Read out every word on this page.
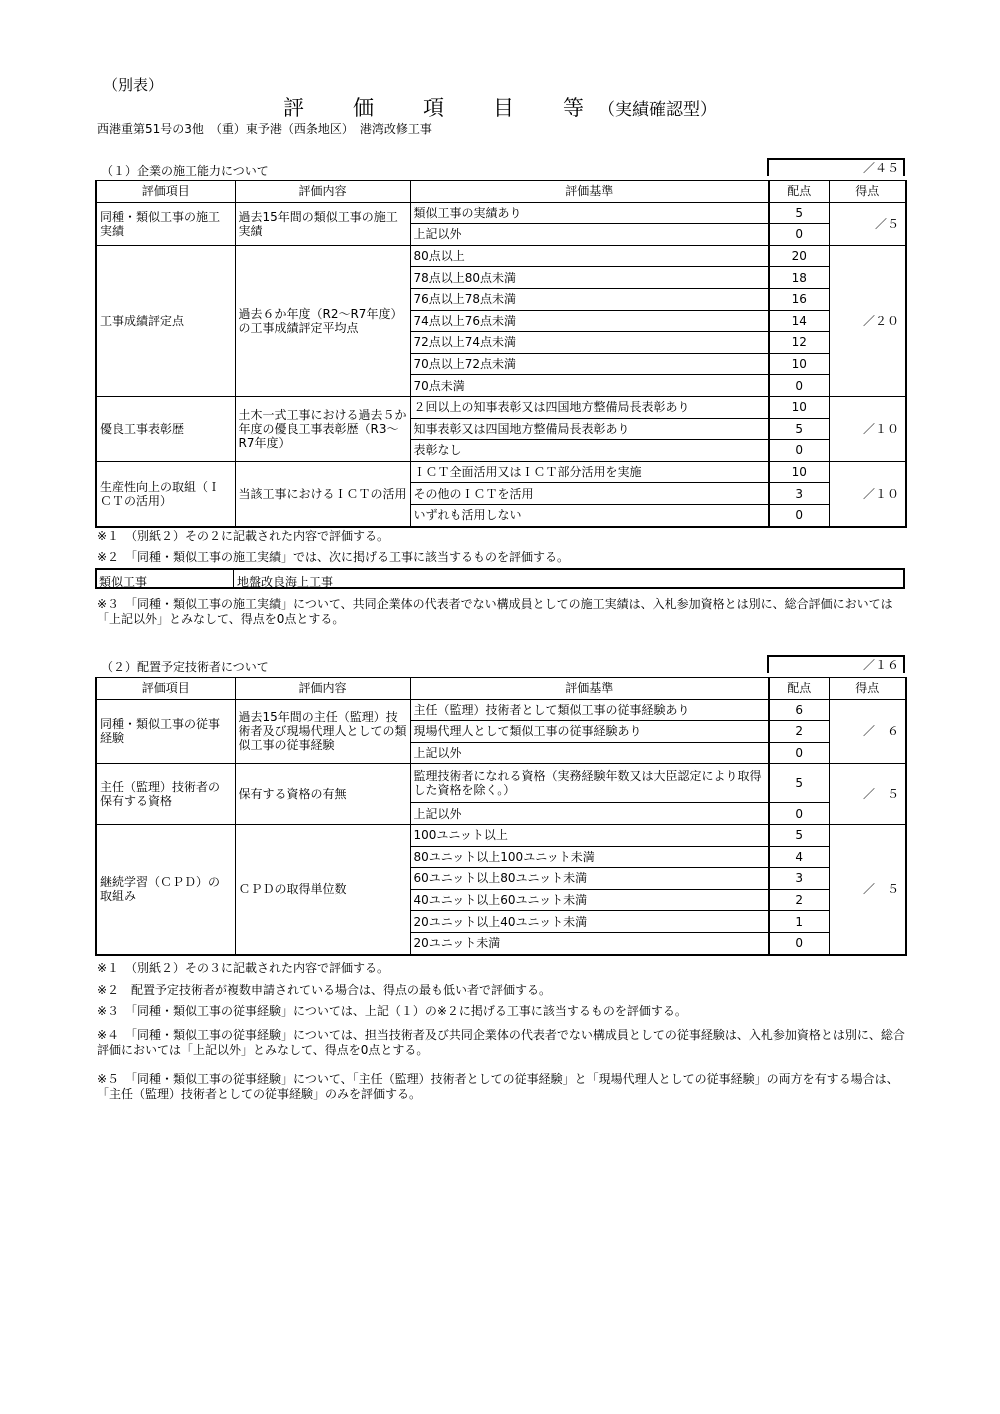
（別表）
評　価　項　目　等（実績確認型）
西港重第51号の3他　（重）東予港（西条地区）　港湾改修工事
（１）企業の施工能力について	／４５
評価項目	評価内容	評価基準	配点	得点
同種・類似工事の施工実績	過去15年間の類似工事の施工実績	類似工事の実績あり	5	／５
		上記以外	0	
工事成績評定点	過去６か年度（R2～R7年度）の工事成績評定平均点	80点以上	20	／２０
		78点以上80点未満	18	
		76点以上78点未満	16	
		74点以上76点未満	14	
		72点以上74点未満	12	
		70点以上72点未満	10	
		70点未満	0	
優良工事表彰歴	土木一式工事における過去５か年度の優良工事表彰歴（R3～R7年度）	２回以上の知事表彰又は四国地方整備局長表彰あり	10	／１０
		知事表彰又は四国地方整備局長表彰あり	5	
		表彰なし	0	
生産性向上の取組（ＩＣＴの活用）	当該工事におけるＩＣＴの活用	ＩＣＴ全面活用又はＩＣＴ部分活用を実施	10	／１０
		その他のＩＣＴを活用	3	
		いずれも活用しない	0	
※１　（別紙２）その２に記載された内容で評価する。
※２　「同種・類似工事の施工実績」では、次に掲げる工事に該当するものを評価する。
類似工事	地盤改良海上工事
※３　「同種・類似工事の施工実績」について、共同企業体の代表者でない構成員としての施工実績は、入札参加資格とは別に、総合評価においては「上記以外」とみなして、得点を0点とする。
（２）配置予定技術者について	／１６
評価項目	評価内容	評価基準	配点	得点
同種・類似工事の従事経験	過去15年間の主任（監理）技術者及び現場代理人としての類似工事の従事経験	主任（監理）技術者として類似工事の従事経験あり	6	／　６
		現場代理人として類似工事の従事経験あり	2	
		上記以外	0	
主任（監理）技術者の保有する資格	保有する資格の有無	監理技術者になれる資格（実務経験年数又は大臣認定により取得した資格を除く。）	5	／　５
		上記以外	0	
継続学習（ＣＰＤ）の取組み	ＣＰＤの取得単位数	100ユニット以上	5	／　５
		80ユニット以上100ユニット未満	4	
		60ユニット以上80ユニット未満	3	
		40ユニット以上60ユニット未満	2	
		20ユニット以上40ユニット未満	1	
		20ユニット未満	0	
※１　（別紙２）その３に記載された内容で評価する。
※２　配置予定技術者が複数申請されている場合は、得点の最も低い者で評価する。
※３　「同種・類似工事の従事経験」については、上記（１）の※２に掲げる工事に該当するものを評価する。
※４　「同種・類似工事の従事経験」については、担当技術者及び共同企業体の代表者でない構成員としての従事経験は、入札参加資格とは別に、総合評価においては「上記以外」とみなして、得点を0点とする。
※５　「同種・類似工事の従事経験」について、「主任（監理）技術者としての従事経験」と「現場代理人としての従事経験」の両方を有する場合は、「主任（監理）技術者としての従事経験」のみを評価する。
